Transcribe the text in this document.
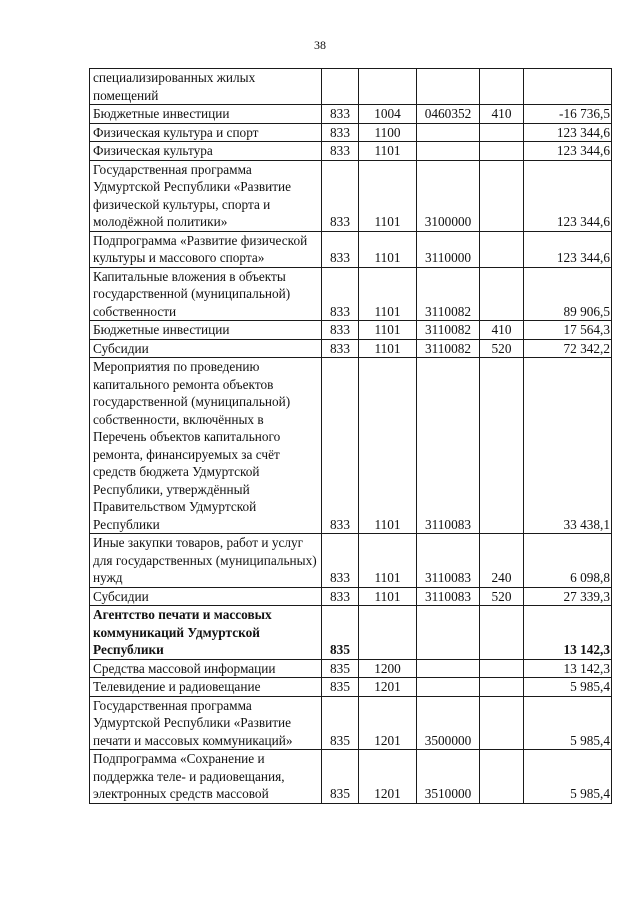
38
специализированных жилых помещений					
Бюджетные инвестиции	833	1004	0460352	410	-16 736,5
Физическая культура и спорт	833	1100			123 344,6
Физическая культура	833	1101			123 344,6
Государственная программа Удмуртской Республики «Развитие физической культуры, спорта и молодёжной политики»	833	1101	3100000		123 344,6
Подпрограмма «Развитие физической культуры и массового спорта»	833	1101	3110000		123 344,6
Капитальные вложения в объекты государственной (муниципальной) собственности	833	1101	3110082		89 906,5
Бюджетные инвестиции	833	1101	3110082	410	17 564,3
Субсидии	833	1101	3110082	520	72 342,2
Мероприятия по проведению капитального ремонта объектов государственной (муниципальной) собственности, включённых в Перечень объектов капитального ремонта, финансируемых за счёт средств бюджета Удмуртской Республики, утверждённый Правительством Удмуртской Республики	833	1101	3110083		33 438,1
Иные закупки товаров, работ и услуг для государственных (муниципальных) нужд	833	1101	3110083	240	6 098,8
Субсидии	833	1101	3110083	520	27 339,3
Агентство печати и массовых коммуникаций Удмуртской Республики	835				13 142,3
Средства массовой информации	835	1200			13 142,3
Телевидение и радиовещание	835	1201			5 985,4
Государственная программа Удмуртской Республики «Развитие печати и массовых коммуникаций»	835	1201	3500000		5 985,4
Подпрограмма «Сохранение и поддержка теле- и радиовещания, электронных средств массовой	835	1201	3510000		5 985,4
